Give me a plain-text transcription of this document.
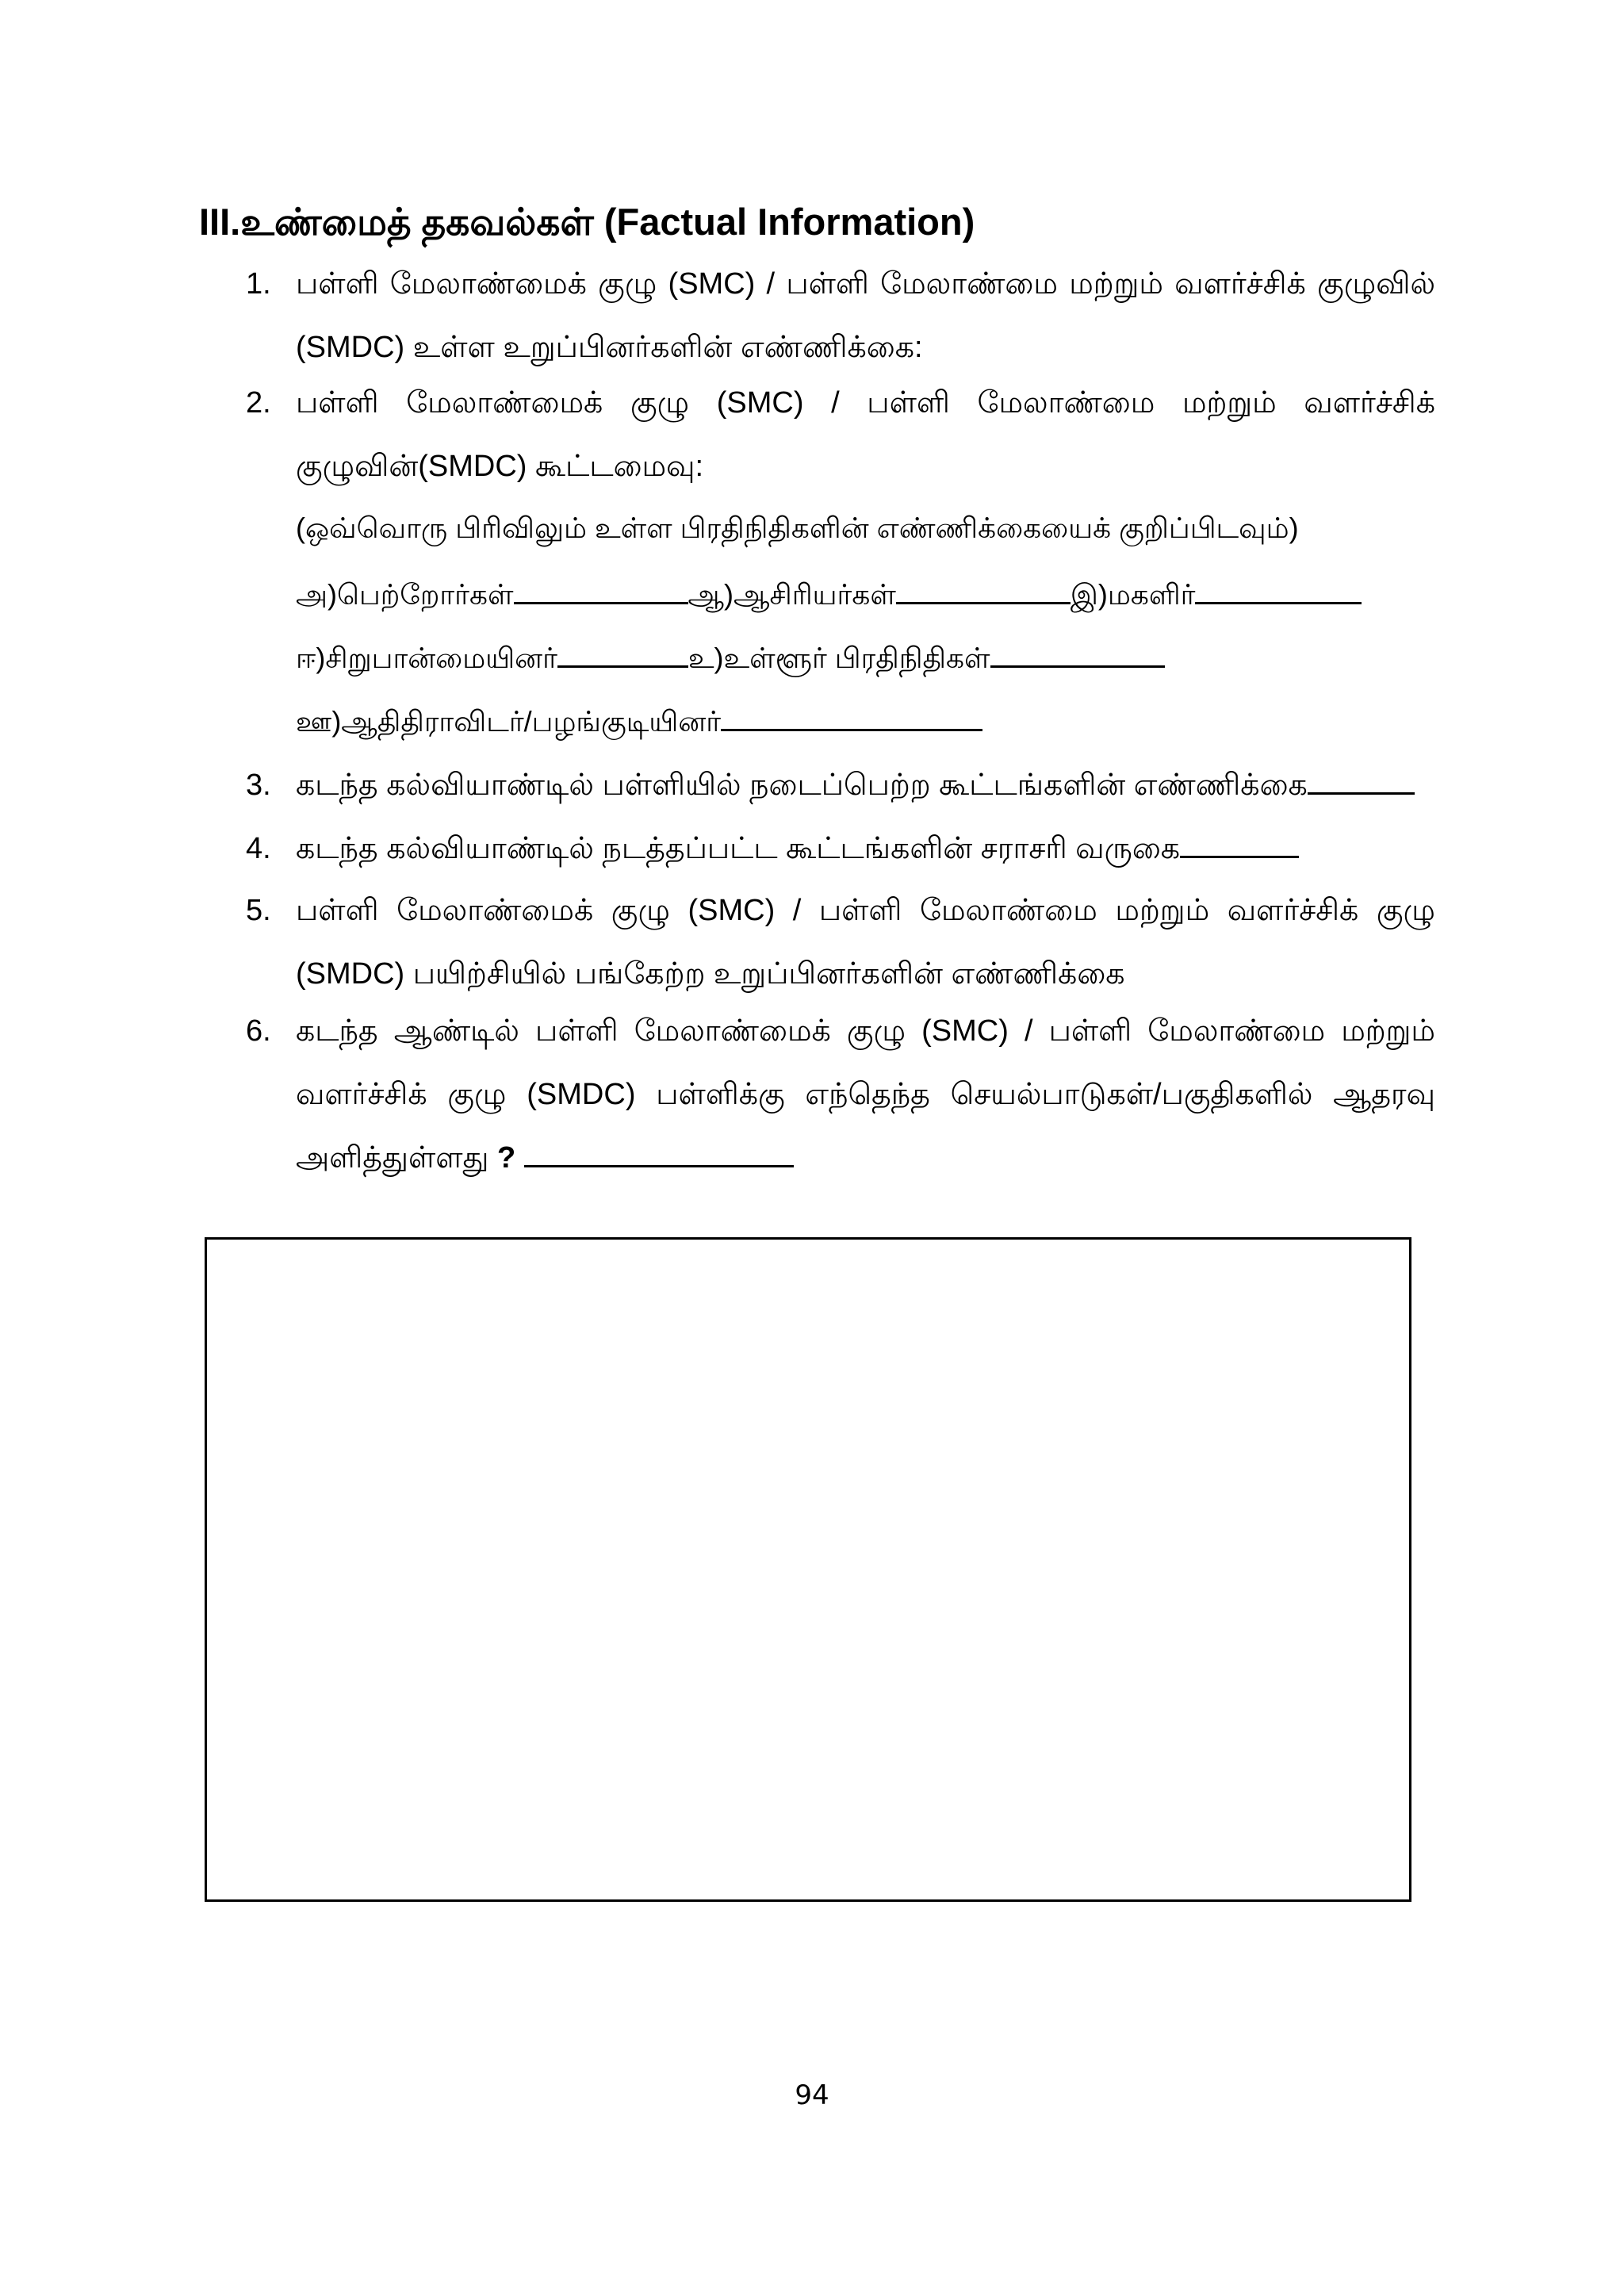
III.உண்மைத் தகவல்கள் (Factual Information)
1. பள்ளி மேலாண்மைக் குழு (SMC) / பள்ளி மேலாண்மை மற்றும் வளர்ச்சிக் குழுவில் (SMDC) உள்ள உறுப்பினர்களின் எண்ணிக்கை:
2. பள்ளி மேலாண்மைக் குழு (SMC) / பள்ளி மேலாண்மை மற்றும் வளர்ச்சிக் குழுவின்(SMDC) கூட்டமைவு:
(ஒவ்வொரு பிரிவிலும் உள்ள பிரதிநிதிகளின் எண்ணிக்கையைக் குறிப்பிடவும்)
அ)பெற்றோர்கள்	ஆ)ஆசிரியர்கள்	இ)மகளிர்
ஈ)சிறுபான்மையினர்	உ)உள்ளூர் பிரதிநிதிகள்
ஊ)ஆதிதிராவிடர்/பழங்குடியினர்
3. கடந்த கல்வியாண்டில் பள்ளியில் நடைப்பெற்ற கூட்டங்களின் எண்ணிக்கை
4. கடந்த கல்வியாண்டில் நடத்தப்பட்ட கூட்டங்களின் சராசரி வருகை
5. பள்ளி மேலாண்மைக் குழு (SMC) / பள்ளி மேலாண்மை மற்றும் வளர்ச்சிக் குழு (SMDC) பயிற்சியில் பங்கேற்ற உறுப்பினர்களின் எண்ணிக்கை
6. கடந்த ஆண்டில் பள்ளி மேலாண்மைக் குழு (SMC) / பள்ளி மேலாண்மை மற்றும் வளர்ச்சிக் குழு (SMDC) பள்ளிக்கு எந்தெந்த செயல்பாடுகள்/பகுதிகளில் ஆதரவு அளித்துள்ளது ?
94
